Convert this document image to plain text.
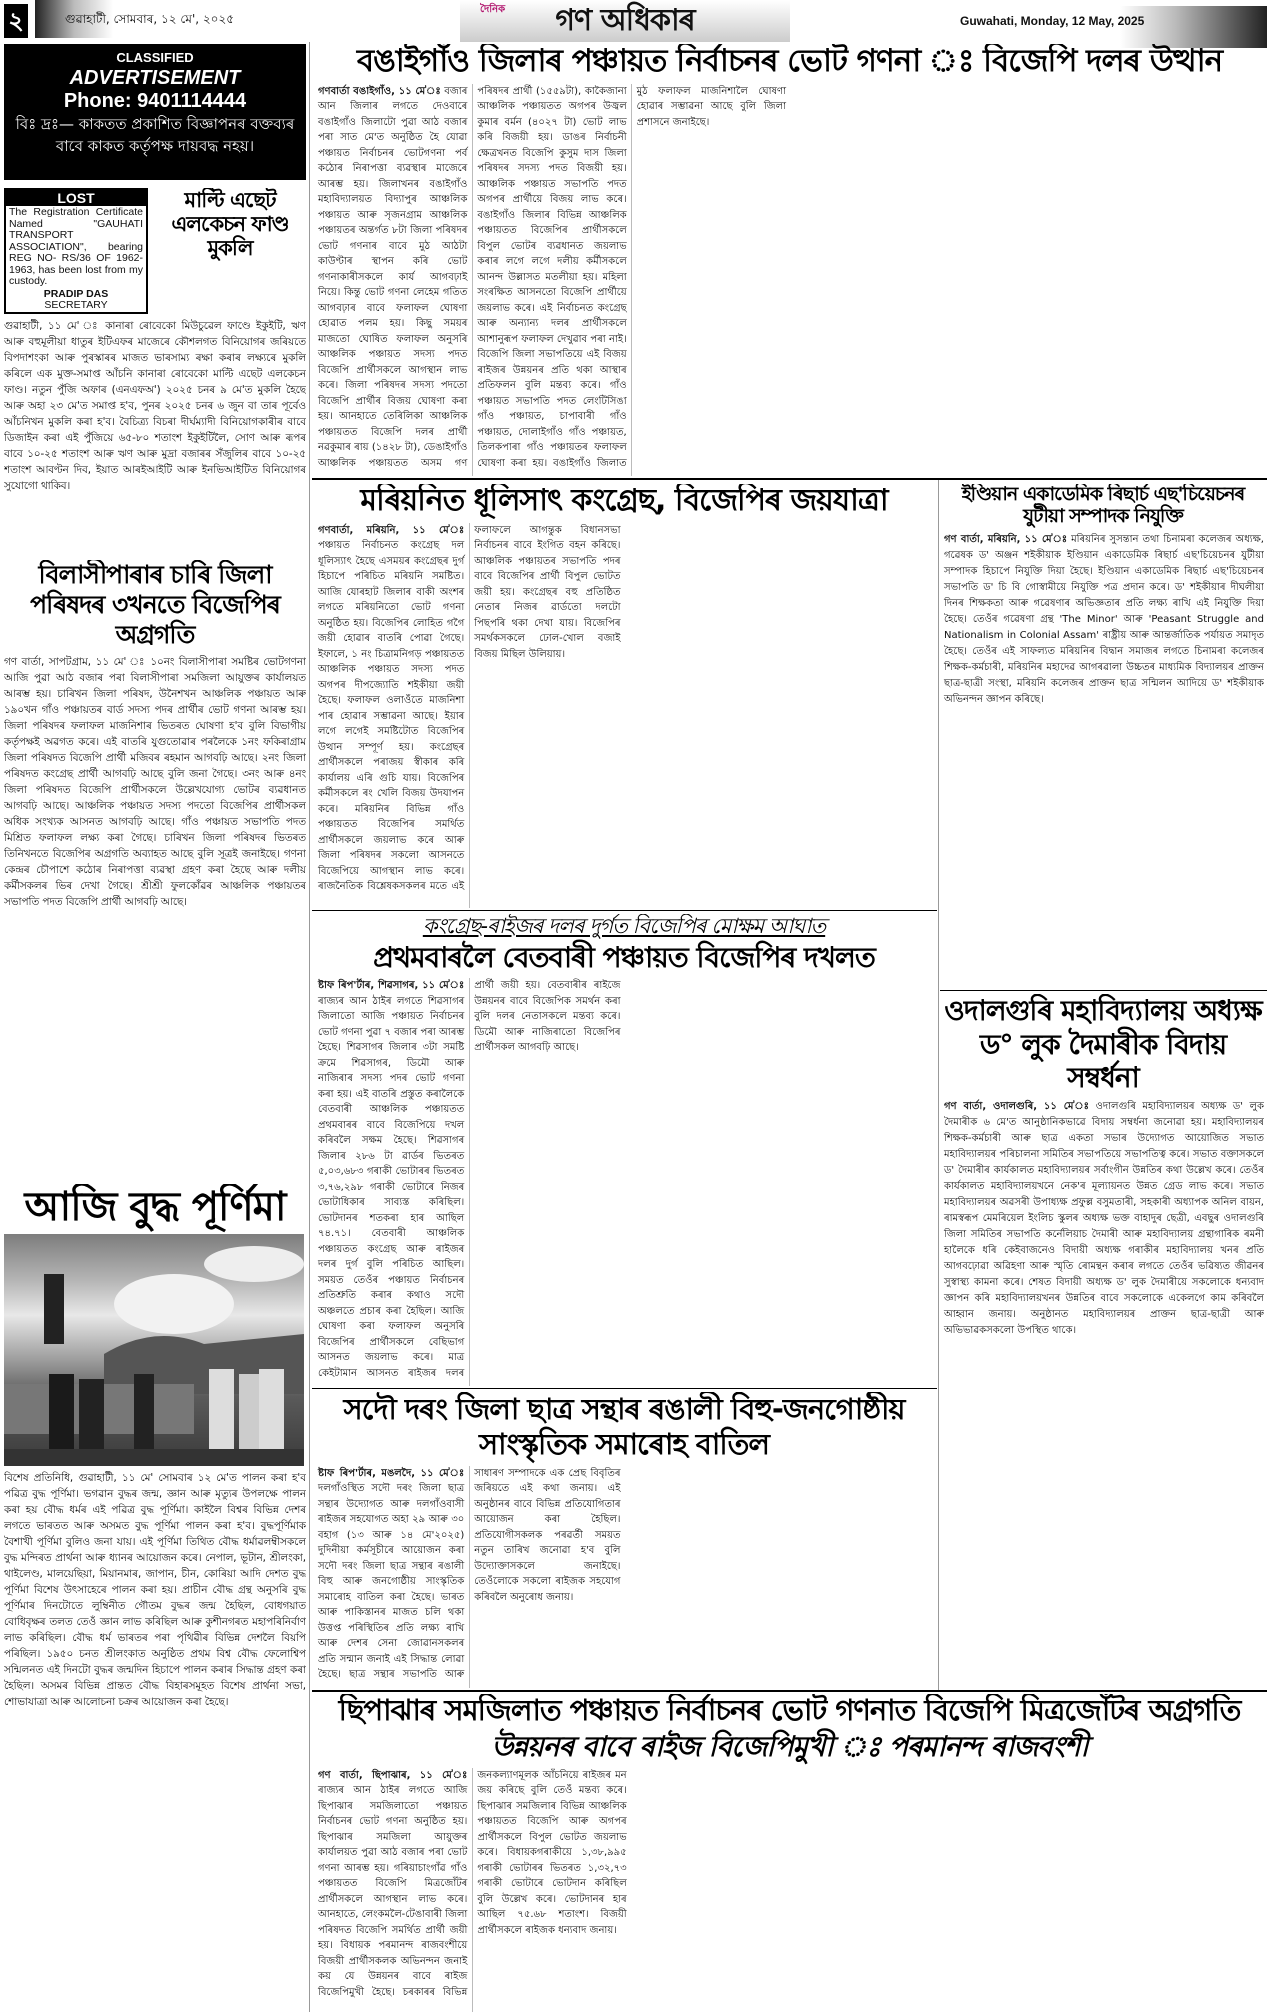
২	গুৱাহাটী, সোমবাৰ, ১২ মে', ২০২৫
দৈনিক গণ অধিকাৰ	Guwahati, Monday, 12 May, 2025
CLASSIFIED
ADVERTISEMENT
Phone: 9401114444
বিঃ দ্ৰঃ— কাকতত প্ৰকাশিত বিজ্ঞাপনৰ বক্তব্যৰ বাবে কাকত কৰ্তৃপক্ষ দায়বদ্ধ নহয়।
LOST
The Registration Certificate Named "GAUHATI TRANSPORT ASSOCIATION", bearing REG NO- RS/36 OF 1962-1963, has been lost from my custody.
PRADIP DAS
SECRETARY
মাল্টি এছেট এলকেচন ফাণ্ড মুকলি
গুৱাহাটী, ১১ মে' ঃ কানাৰা ৰোবেকো মিউচুৱেল ফাণ্ডে ইকুইটি, ঋণ আৰু বহুমূলীয়া ধাতুৰ ইটিএফৰ মাজেৰে কৌশলগত বিনিয়োগৰ জৰিয়তে বিপদাশংকা আৰু পুৰস্কাৰৰ মাজত ভাৰসাম্য ৰক্ষা কৰাৰ লক্ষ্যৰে মুকলি কৰিলে এক মুক্ত-সমাপ্ত আঁচনি কানাৰা ৰোবেকো মাল্টি এছেট এলকেচন ফাণ্ড। নতুন পুঁজি অফাৰ (এনএফঅ') ২০২৫ চনৰ ৯ মে'ত মুকলি হৈছে আৰু অহা ২৩ মে'ত সমাপ্ত হ'ব, পুনৰ ২০২৫ চনৰ ৬ জুন বা তাৰ পূৰ্বেও আঁচনিখন মুকলি কৰা হ'ব। বৈচিত্ৰ্য বিচৰা দীৰ্ঘম্যাদী বিনিয়োগকাৰীৰ বাবে ডিজাইন কৰা এই পুঁজিয়ে ৬৫-৮০ শতাংশ ইকুইটিলৈ, সোণ আৰু ৰূপৰ বাবে ১০-২৫ শতাংশ আৰু ঋণ আৰু মুদ্ৰা বজাৰৰ সঁজুলিৰ বাবে ১০-২৫ শতাংশ আবণ্টন দিব, ইয়াত আৰইআইটি আৰু ইনভিআইটিত বিনিয়োগৰ সুযোগো থাকিব।
বিলাসীপাৰাৰ চাৰি জিলা পৰিষদৰ ৩খনতে বিজেপিৰ অগ্ৰগতি
গণ বাৰ্তা, সাপটগ্ৰাম, ১১ মে' ঃ ১০নং বিলাসীপাৰা সমষ্টিৰ ভোটগণনা আজি পুৱা আঠ বজাৰ পৰা বিলাসীপাৰা সমজিলা আয়ুক্তৰ কাৰ্যালয়ত আৰম্ভ হয়। চাৰিখন জিলা পৰিষদ, উনৈশখন আঞ্চলিক পঞ্চায়ত আৰু ১৯০খন গাঁও পঞ্চায়তৰ বাৰ্ড সদস্য পদৰ প্ৰাৰ্থীৰ ভোট গণনা আৰম্ভ হয়। জিলা পৰিষদৰ ফলাফল মাজনিশাৰ ভিতৰত ঘোষণা হ'ব বুলি বিভাগীয় কৰ্তৃপক্ষই অৱগত কৰে। এই বাতৰি যুগুতোৱাৰ পৰলৈকে ১নং ফকিৰাগ্ৰাম জিলা পৰিষদত বিজেপি প্ৰাৰ্থী মজিবৰ ৰহমান আগবঢ়ি আছে। ২নং জিলা পৰিষদত কংগ্ৰেছ প্ৰাৰ্থী আগবঢ়ি আছে বুলি জনা গৈছে। ৩নং আৰু ৪নং জিলা পৰিষদত বিজেপি প্ৰাৰ্থীসকলে উল্লেখযোগ্য ভোটৰ ব্যৱধানত আগবঢ়ি আছে। আঞ্চলিক পঞ্চায়ত সদস্য পদতো বিজেপিৰ প্ৰাৰ্থীসকল অধিক সংখ্যক আসনত আগবঢ়ি আছে। গাঁও পঞ্চায়ত সভাপতি পদত মিশ্ৰিত ফলাফল লক্ষ্য কৰা গৈছে। চাৰিখন জিলা পৰিষদৰ ভিতৰত তিনিখনতে বিজেপিৰ অগ্ৰগতি অব্যাহত আছে বুলি সূত্ৰই জনাইছে। গণনা কেন্দ্ৰৰ চৌপাশে কঠোৰ নিৰাপত্তা ব্যৱস্থা গ্ৰহণ কৰা হৈছে আৰু দলীয় কৰ্মীসকলৰ ভিৰ দেখা গৈছে। শ্ৰীশ্ৰী ফুলকোঁৱৰ আঞ্চলিক পঞ্চায়তৰ সভাপতি পদত বিজেপি প্ৰাৰ্থী আগবঢ়ি আছে।
আজি বুদ্ধ পূৰ্ণিমা
বিশেষ প্ৰতিনিধি, গুৱাহাটী, ১১ মে' সোমবাৰ ১২ মে'ত পালন কৰা হ'ব পৱিত্ৰ বুদ্ধ পূৰ্ণিমা। ভগৱান বুদ্ধৰ জন্ম, জ্ঞান আৰু মৃত্যুৰ উপলক্ষে পালন কৰা হয় বৌদ্ধ ধৰ্মৰ এই পৱিত্ৰ বুদ্ধ পূৰ্ণিমা। কাইলৈ বিশ্বৰ বিভিন্ন দেশৰ লগতে ভাৰতত আৰু অসমত বুদ্ধ পূৰ্ণিমা পালন কৰা হ'ব। বুদ্ধপূৰ্ণিমাক বৈশাখী পূৰ্ণিমা বুলিও জনা যায়। এই পূৰ্ণিমা তিথিত বৌদ্ধ ধৰ্মাৱলম্বীসকলে বুদ্ধ মন্দিৰত প্ৰাৰ্থনা আৰু ধ্যানৰ আয়োজন কৰে। নেপাল, ভূটান, শ্ৰীলংকা, থাইলেণ্ড, মালয়েছিয়া, মিয়ানমাৰ, জাপান, চীন, কোৰিয়া আদি দেশত বুদ্ধ পূৰ্ণিমা বিশেষ উৎসাহেৰে পালন কৰা হয়। প্ৰাচীন বৌদ্ধ গ্ৰন্থ অনুসৰি বুদ্ধ পূৰ্ণিমাৰ দিনটোতে লুম্বিনীত গৌতম বুদ্ধৰ জন্ম হৈছিল, বোধগয়াত বোধিবৃক্ষৰ তলত তেওঁ জ্ঞান লাভ কৰিছিল আৰু কুশীনগৰত মহাপৰিনিৰ্বাণ লাভ কৰিছিল। বৌদ্ধ ধৰ্ম ভাৰতৰ পৰা পৃথিৱীৰ বিভিন্ন দেশলৈ বিয়পি পৰিছিল। ১৯৫০ চনত শ্ৰীলংকাত অনুষ্ঠিত প্ৰথম বিশ্ব বৌদ্ধ ফেলোশ্বিপ সন্মিলনত এই দিনটো বুদ্ধৰ জন্মদিন হিচাপে পালন কৰাৰ সিদ্ধান্ত গ্ৰহণ কৰা হৈছিল। অসমৰ বিভিন্ন প্ৰান্তত বৌদ্ধ বিহাৰসমূহত বিশেষ প্ৰাৰ্থনা সভা, শোভাযাত্ৰা আৰু আলোচনা চক্ৰৰ আয়োজন কৰা হৈছে।
বঙাইগাঁও জিলাৰ পঞ্চায়ত নিৰ্বাচনৰ ভোট গণনা ঃ বিজেপি দলৰ উত্থান
গণবাৰ্তা বঙাইগাঁও, ১১ মে'ঃ বজাৰ আন জিলাৰ লগতে দেওবাৰে বঙাইগাঁও জিলাটো পুৱা আঠ বজাৰ পৰা সাত মে'ত অনুষ্ঠিত হৈ যোৱা পঞ্চায়ত নিৰ্বাচনৰ ভোটগণনা পৰ্ব কঠোৰ নিৰাপত্তা ব্যৱস্থাৰ মাজেৰে আৰম্ভ হয়। জিলাখনৰ বঙাইগাঁও মহাবিদ্যালয়ত বিদ্যাপুৰ আঞ্চলিক পঞ্চায়ত আৰু সৃজনগ্ৰাম আঞ্চলিক পঞ্চায়তৰ অন্তৰ্গত ৮টা জিলা পৰিষদৰ ভোট গণনাৰ বাবে মুঠ আঠটা কাউণ্টাৰ স্থাপন কৰি ভোট গণনাকাৰীসকলে কাৰ্য আগবঢ়াই নিয়ে। কিন্তু ভোট গণনা লেহেম গতিত আগবঢ়াৰ বাবে ফলাফল ঘোষণা হোৱাত পলম হয়। কিছু সময়ৰ মাজতো ঘোষিত ফলাফল অনুসৰি আঞ্চলিক পঞ্চায়ত সদস্য পদত বিজেপি প্ৰাৰ্থীসকলে আগস্থান লাভ কৰে। জিলা পৰিষদৰ সদস্য পদতো বিজেপি প্ৰাৰ্থীৰ বিজয় ঘোষণা কৰা হয়। আনহাতে তেৰিলিকা আঞ্চলিক পঞ্চায়তত বিজেপি দলৰ প্ৰাৰ্থী নৱকুমাৰ ৰায় (১৪২৮ টা), ডেঙাইগাঁও আঞ্চলিক পঞ্চায়তত অসম গণ পৰিষদৰ প্ৰাৰ্থী (১৫৫৯টা), কাকৈজানা আঞ্চলিক পঞ্চায়তত অগপৰ উজ্বল কুমাৰ বৰ্মন (৪০২৭ টা) ভোট লাভ কৰি বিজয়ী হয়। ডাঙৰ নিৰ্বাচনী ক্ষেত্ৰখনত বিজেপি কুসুম দাস জিলা পৰিষদৰ সদস্য পদত বিজয়ী হয়। আঞ্চলিক পঞ্চায়ত সভাপতি পদত অগপৰ প্ৰাৰ্থীয়ে বিজয় লাভ কৰে। বঙাইগাঁও জিলাৰ বিভিন্ন আঞ্চলিক পঞ্চায়তত বিজেপিৰ প্ৰাৰ্থীসকলে বিপুল ভোটৰ ব্যৱধানত জয়লাভ কৰাৰ লগে লগে দলীয় কৰ্মীসকলে আনন্দ উল্লাসত মতলীয়া হয়। মহিলা সংৰক্ষিত আসনতো বিজেপি প্ৰাৰ্থীয়ে জয়লাভ কৰে। এই নিৰ্বাচনত কংগ্ৰেছ আৰু অন্যান্য দলৰ প্ৰাৰ্থীসকলে আশানুৰূপ ফলাফল দেখুৱাব পৰা নাই। বিজেপি জিলা সভাপতিয়ে এই বিজয় ৰাইজৰ উন্নয়নৰ প্ৰতি থকা আস্থাৰ প্ৰতিফলন বুলি মন্তব্য কৰে। গাঁও পঞ্চায়ত সভাপতি পদত লেংটিসিঙা গাঁও পঞ্চায়ত, চাপাবাৰী গাঁও পঞ্চায়ত, দোলাইগাঁও গাঁও পঞ্চায়ত, তিলকপাৰা গাঁও পঞ্চায়তৰ ফলাফল ঘোষণা কৰা হয়। বঙাইগাঁও জিলাত মুঠ ফলাফল মাজনিশালৈ ঘোষণা হোৱাৰ সম্ভাৱনা আছে বুলি জিলা প্ৰশাসনে জনাইছে।
মৰিয়নিত ধূলিসাৎ কংগ্ৰেছ, বিজেপিৰ জয়যাত্ৰা
গণবাৰ্তা, মৰিয়নি, ১১ মে'ঃ পঞ্চায়ত নিৰ্বাচনত কংগ্ৰেছ দল ধূলিস্যাৎ হৈছে এসময়ৰ কংগ্ৰেছৰ দুৰ্গ হিচাপে পৰিচিত মৰিয়নি সমষ্টিত। আজি যোৰহাট জিলাৰ বাকী অংশৰ লগতে মৰিয়নিতো ভোট গণনা অনুষ্ঠিত হয়। বিজেপিৰ লোহিত গগৈ জয়ী হোৱাৰ বাতৰি পোৱা গৈছে। ইফালে, ১ নং চিত্ৰামনিগড় পঞ্চায়তত আঞ্চলিক পঞ্চায়ত সদস্য পদত অগপৰ দীপজ্যোতি শইকীয়া জয়ী হৈছে। ফলাফল ওলাওঁতে মাজনিশা পাৰ হোৱাৰ সম্ভাৱনা আছে। ইয়াৰ লগে লগেই সমষ্টিটোত বিজেপিৰ উত্থান সম্পূৰ্ণ হয়। কংগ্ৰেছৰ প্ৰাৰ্থীসকলে পৰাজয় স্বীকাৰ কৰি কাৰ্যালয় এৰি গুচি যায়। বিজেপিৰ কৰ্মীসকলে ৰং খেলি বিজয় উদযাপন কৰে। মৰিয়নিৰ বিভিন্ন গাঁও পঞ্চায়তত বিজেপিৰ সমৰ্থিত প্ৰাৰ্থীসকলে জয়লাভ কৰে আৰু জিলা পৰিষদৰ সকলো আসনতে বিজেপিয়ে আগস্থান লাভ কৰে। ৰাজনৈতিক বিশ্লেষকসকলৰ মতে এই ফলাফলে আগন্তুক বিধানসভা নিৰ্বাচনৰ বাবে ইংগিত বহন কৰিছে। আঞ্চলিক পঞ্চায়তৰ সভাপতি পদৰ বাবে বিজেপিৰ প্ৰাৰ্থী বিপুল ভোটত জয়ী হয়। কংগ্ৰেছৰ বহু প্ৰতিষ্ঠিত নেতাৰ নিজৰ ৱাৰ্ডতো দলটো পিছপৰি থকা দেখা যায়। বিজেপিৰ সমৰ্থকসকলে ঢোল-খোল বজাই বিজয় মিছিল উলিয়ায়।
ইণ্ডিয়ান একাডেমিক ৰিছাৰ্চ এছ'চিয়েচনৰ যুটীয়া সম্পাদক নিযুক্তি
গণ বাৰ্তা, মৰিয়নি, ১১ মে'ঃ মৰিয়নিৰ সুসন্তান তথা চিনামৰা কলেজৰ অধ্যক্ষ, গৱেষক ড' অঞ্জন শইকীয়াক ইণ্ডিয়ান একাডেমিক ৰিছাৰ্চ এছ'চিয়েচনৰ যুটীয়া সম্পাদক হিচাপে নিযুক্তি দিয়া হৈছে। ইণ্ডিয়ান একাডেমিক ৰিছাৰ্চ এছ'চিয়েচনৰ সভাপতি ড' চি বি গোস্বামীয়ে নিযুক্তি পত্ৰ প্ৰদান কৰে। ড' শইকীয়াৰ দীঘলীয়া দিনৰ শিক্ষকতা আৰু গৱেষণাৰ অভিজ্ঞতাৰ প্ৰতি লক্ষ্য ৰাখি এই নিযুক্তি দিয়া হৈছে। তেওঁৰ গৱেষণা গ্ৰন্থ 'The Minor' আৰু 'Peasant Struggle and Nationalism in Colonial Assam' ৰাষ্ট্ৰীয় আৰু আন্তৰ্জাতিক পৰ্যায়ত সমাদৃত হৈছে। তেওঁৰ এই সাফল্যত মৰিয়নিৰ বিদ্বান সমাজৰ লগতে চিনামৰা কলেজৰ শিক্ষক-কৰ্মচাৰী, মৰিয়নিৰ মহাদেৱ আগৰৱালা উচ্চতৰ মাধ্যমিক বিদ্যালয়ৰ প্ৰাক্তন ছাত্ৰ-ছাত্ৰী সংস্থা, মৰিয়নি কলেজৰ প্ৰাক্তন ছাত্ৰ সন্মিলন আদিয়ে ড' শইকীয়াক অভিনন্দন জ্ঞাপন কৰিছে।
কংগ্ৰেছ-ৰাইজৰ দলৰ দুৰ্গত বিজেপিৰ মোক্ষম আঘাত
প্ৰথমবাৰলৈ বেতবাৰী পঞ্চায়ত বিজেপিৰ দখলত
ষ্টাফ ৰিপ'ৰ্টাৰ, শিৱসাগৰ, ১১ মে'ঃ ৰাজ্যৰ আন ঠাইৰ লগতে শিৱসাগৰ জিলাতো আজি পঞ্চায়ত নিৰ্বাচনৰ ভোট গণনা পুৱা ৭ বজাৰ পৰা আৰম্ভ হৈছে। শিৱসাগৰ জিলাৰ ৩টা সমষ্টি ক্ৰমে শিৱসাগৰ, ডিমৌ আৰু নাজিৰাৰ সদস্য পদৰ ভোট গণনা কৰা হয়। এই বাতৰি প্ৰস্তুত কৰালৈকে বেতবাৰী আঞ্চলিক পঞ্চায়তত প্ৰথমবাৰৰ বাবে বিজেপিয়ে দখল কৰিবলৈ সক্ষম হৈছে। শিৱসাগৰ জিলাৰ ২৮৬ টা ৱাৰ্ডৰ ভিতৰত ৫,০৩,৬৮৩ গৰাকী ভোটাৰৰ ভিতৰত ৩,৭৬,২৯৮ গৰাকী ভোটাৰে নিজৰ ভোটাধিকাৰ সাব্যস্ত কৰিছিল। ভোটদানৰ শতকৰা হাৰ আছিল ৭৪.৭১। বেতবাৰী আঞ্চলিক পঞ্চায়তত কংগ্ৰেছ আৰু ৰাইজৰ দলৰ দুৰ্গ বুলি পৰিচিত আছিল। সময়ত তেওঁৰ পঞ্চায়ত নিৰ্বাচনৰ প্ৰতিশ্ৰুতি কৰাৰ কথাও সদৌ অঞ্চলতে প্ৰচাৰ কৰা হৈছিল। আজি ঘোষণা কৰা ফলাফল অনুসৰি বিজেপিৰ প্ৰাৰ্থীসকলে বেছিভাগ আসনত জয়লাভ কৰে। মাত্ৰ কেইটামান আসনত ৰাইজৰ দলৰ প্ৰাৰ্থী জয়ী হয়। বেতবাৰীৰ ৰাইজে উন্নয়নৰ বাবে বিজেপিক সমৰ্থন কৰা বুলি দলৰ নেতাসকলে মন্তব্য কৰে। ডিমৌ আৰু নাজিৰাতো বিজেপিৰ প্ৰাৰ্থীসকল আগবঢ়ি আছে।
ওদালগুৰি মহাবিদ্যালয় অধ্যক্ষ ড° লুক দৈমাৰীক বিদায় সম্বৰ্ধনা
গণ বাৰ্তা, ওদালগুৰি, ১১ মে'ঃ ওদালগুৰি মহাবিদ্যালয়ৰ অধ্যক্ষ ড' লুক দৈমাৰীক ৬ মে'ত আনুষ্ঠানিকভাৱে বিদায় সম্বৰ্ধনা জনোৱা হয়। মহাবিদ্যালয়ৰ শিক্ষক-কৰ্মচাৰী আৰু ছাত্ৰ একতা সভাৰ উদ্যোগত আয়োজিত সভাত মহাবিদ্যালয়ৰ পৰিচালনা সমিতিৰ সভাপতিয়ে সভাপতিত্ব কৰে। সভাত বক্তাসকলে ড' দৈমাৰীৰ কাৰ্যকালত মহাবিদ্যালয়ৰ সৰ্বাংগীন উন্নতিৰ কথা উল্লেখ কৰে। তেওঁৰ কাৰ্যকালত মহাবিদ্যালয়খনে নেক'ৰ মূল্যায়নত উন্নত গ্ৰেড লাভ কৰে। সভাত মহাবিদ্যালয়ৰ অৱসৰী উপাধ্যক্ষ প্ৰফুল্ল বসুমতাৰী, সহকাৰী অধ্যাপক অনিল বায়ন, ৰামস্বৰূপ মেমৰিয়েল ইংলিচ স্কুলৰ অধ্যক্ষ ভক্ত বাহাদুৰ ছেত্ৰী, এবছুৰ ওদালগুৰি জিলা সমিতিৰ সভাপতি কৰ্নেলিয়াচ দৈমাৰী আৰু মহাবিদ্যালয় গ্ৰন্থাগাৰিক ৰমনী হালৈকে ধৰি কেইবাজনেও বিদায়ী অধ্যক্ষ গৰাকীৰ মহাবিদ্যালয় খনৰ প্ৰতি আগবঢ়োৱা অৱিহণা আৰু স্মৃতি ৰোমন্থন কৰাৰ লগতে তেওঁৰ ভৱিষ্যত জীৱনৰ সুস্বাস্থ্য কামনা কৰে। শেষত বিদায়ী অধ্যক্ষ ড' লুক দৈমাৰীয়ে সকলোকে ধন্যবাদ জ্ঞাপন কৰি মহাবিদ্যালয়খনৰ উন্নতিৰ বাবে সকলোকে একেলগে কাম কৰিবলৈ আহ্বান জনায়। অনুষ্ঠানত মহাবিদ্যালয়ৰ প্ৰাক্তন ছাত্ৰ-ছাত্ৰী আৰু অভিভাৱকসকলো উপস্থিত থাকে।
সদৌ দৰং জিলা ছাত্ৰ সন্থাৰ ৰঙালী বিহু-জনগোষ্ঠীয় সাংস্কৃতিক সমাৰোহ বাতিল
ষ্টাফ ৰিপ'ৰ্টাৰ, মঙলদৈ, ১১ মে'ঃ দলগাঁওস্থিত সদৌ দৰং জিলা ছাত্ৰ সন্থাৰ উদ্যোগত আৰু দলগাঁওবাসী ৰাইজৰ সহযোগত অহা ২৯ আৰু ৩০ বহাগ (১৩ আৰু ১৪ মে'২০২৫) দুদিনীয়া কৰ্মসূচীৰে আয়োজন কৰা সদৌ দৰং জিলা ছাত্ৰ সন্থাৰ ৰঙালী বিহু আৰু জনগোষ্ঠীয় সাংস্কৃতিক সমাৰোহ বাতিল কৰা হৈছে। ভাৰত আৰু পাকিস্তানৰ মাজত চলি থকা উত্তপ্ত পৰিস্থিতিৰ প্ৰতি লক্ষ্য ৰাখি আৰু দেশৰ সেনা জোৱানসকলৰ প্ৰতি সন্মান জনাই এই সিদ্ধান্ত লোৱা হৈছে। ছাত্ৰ সন্থাৰ সভাপতি আৰু সাধাৰণ সম্পাদকে এক প্ৰেছ বিবৃতিৰ জৰিয়তে এই কথা জনায়। এই অনুষ্ঠানৰ বাবে বিভিন্ন প্ৰতিযোগিতাৰ আয়োজন কৰা হৈছিল। প্ৰতিযোগীসকলক পৰৱৰ্তী সময়ত নতুন তাৰিখ জনোৱা হ'ব বুলি উদ্যোক্তাসকলে জনাইছে। তেওঁলোকে সকলো ৰাইজক সহযোগ কৰিবলৈ অনুৰোধ জনায়।
ছিপাঝাৰ সমজিলাত পঞ্চায়ত নিৰ্বাচনৰ ভোট গণনাত বিজেপি মিত্ৰজোঁটৰ অগ্ৰগতি
উন্নয়নৰ বাবে ৰাইজ বিজেপিমুখী ঃ পৰমানন্দ ৰাজবংশী
গণ বাৰ্তা, ছিপাঝাৰ, ১১ মে'ঃ ৰাজ্যৰ আন ঠাইৰ লগতে আজি ছিপাঝাৰ সমজিলাতো পঞ্চায়ত নিৰ্বাচনৰ ভোট গণনা অনুষ্ঠিত হয়। ছিপাঝাৰ সমজিলা আয়ুক্তৰ কাৰ্যালয়ত পুৱা আঠ বজাৰ পৰা ভোট গণনা আৰম্ভ হয়। গৰিয়াচাংগাঁৱ গাঁও পঞ্চায়তত বিজেপি মিত্ৰজোঁটৰ প্ৰাৰ্থীসকলে আগস্থান লাভ কৰে। আনহাতে, লেংকমলৈ-টেঙাবাৰী জিলা পৰিষদত বিজেপি সমৰ্থিত প্ৰাৰ্থী জয়ী হয়। বিধায়ক পৰমানন্দ ৰাজবংশীয়ে বিজয়ী প্ৰাৰ্থীসকলক অভিনন্দন জনাই কয় যে উন্নয়নৰ বাবে ৰাইজ বিজেপিমুখী হৈছে। চৰকাৰৰ বিভিন্ন জনকল্যাণমূলক আঁচনিয়ে ৰাইজৰ মন জয় কৰিছে বুলি তেওঁ মন্তব্য কৰে। ছিপাঝাৰ সমজিলাৰ বিভিন্ন আঞ্চলিক পঞ্চায়তত বিজেপি আৰু অগপৰ প্ৰাৰ্থীসকলে বিপুল ভোটত জয়লাভ কৰে। বিধায়কগৰাকীয়ে ১,৩৮,৯৯৫ গৰাকী ভোটাৰৰ ভিতৰত ১,৩২,৭৩ গৰাকী ভোটাৰে ভোটদান কৰিছিল বুলি উল্লেখ কৰে। ভোটদানৰ হাৰ আছিল ৭৫.৬৮ শতাংশ। বিজয়ী প্ৰাৰ্থীসকলে ৰাইজক ধন্যবাদ জনায়।
